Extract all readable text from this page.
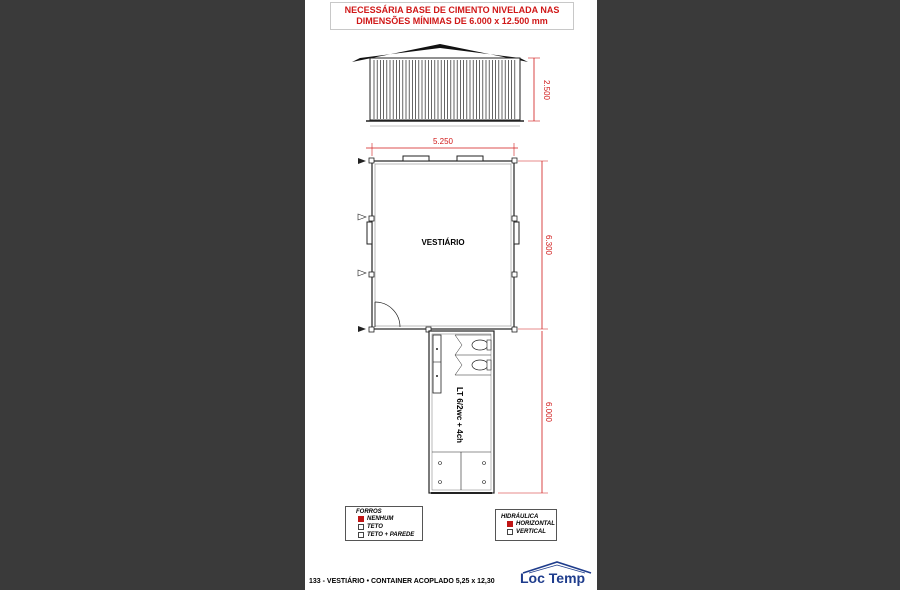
NECESSÁRIA BASE DE CIMENTO NIVELADA NAS
DIMENSÕES MÍNIMAS DE 6.000 x 12.500 mm
2.500
5.250
VESTIÁRIO	6.300
LT 6/2wc + 4ch	6.000
FORROS
NENHUM
TETO
TETO + PAREDE
HIDRÁULICA
HORIZONTAL
VERTICAL
133 - VESTIÁRIO • CONTAINER ACOPLADO 5,25 x 12,30 Loc Temp
